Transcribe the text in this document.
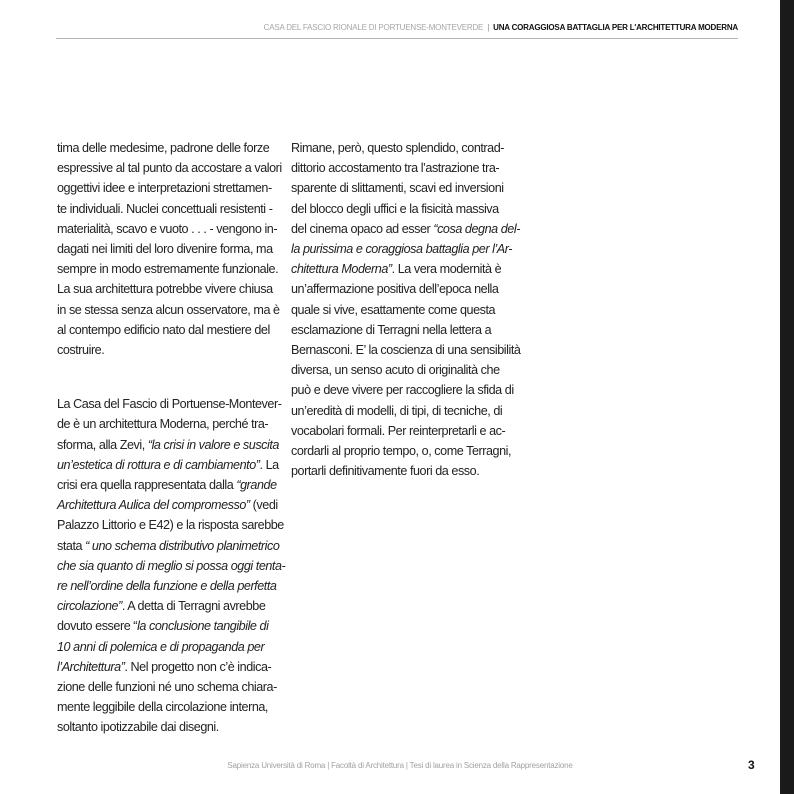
CASA DEL FASCIO RIONALE DI PORTUENSE-MONTEVERDE | UNA CORAGGIOSA BATTAGLIA PER L'ARCHITETTURA MODERNA
tima delle medesime, padrone delle forze
espressive al tal punto da accostare a valori
oggettivi idee e interpretazioni strettamen-
te individuali. Nuclei concettuali resistenti -
materialità, scavo e vuoto . . . - vengono in-
dagati nei limiti del loro divenire forma, ma
sempre in modo estremamente funzionale.
La sua architettura potrebbe vivere chiusa
in se stessa senza alcun osservatore, ma è
al contempo edificio nato dal mestiere del
costruire.
La Casa del Fascio di Portuense-Montever-
de è un architettura Moderna, perché tra-
sforma, alla Zevi, “la crisi in valore e suscita
un’estetica di rottura e di cambiamento”. La
crisi era quella rappresentata dalla “grande
Architettura Aulica del compromesso” (vedi
Palazzo Littorio e E42) e la risposta sarebbe
stata “ uno schema distributivo planimetrico
che sia quanto di meglio si possa oggi tenta-
re nell’ordine della funzione e della perfetta
circolazione”. A detta di Terragni avrebbe
dovuto essere “la conclusione tangibile di
10 anni di polemica e di propaganda per
l’Architettura”. Nel progetto non c’è indica-
zione delle funzioni né uno schema chiara-
mente leggibile della circolazione interna,
soltanto ipotizzabile dai disegni.
Rimane, però, questo splendido, contrad-
dittorio accostamento tra l’astrazione tra-
sparente di slittamenti, scavi ed inversioni
del blocco degli uffici e la fisicità massiva
del cinema opaco ad esser “cosa degna del-
la purissima e coraggiosa battaglia per l’Ar-
chitettura Moderna”. La vera modernità è
un’affermazione positiva dell’epoca nella
quale si vive, esattamente come questa
esclamazione di Terragni nella lettera a
Bernasconi. E’ la coscienza di una sensibilità
diversa, un senso acuto di originalità che
può e deve vivere per raccogliere la sfida di
un’eredità di modelli, di tipi, di tecniche, di
vocabolari formali. Per reinterpretarli e ac-
cordarli al proprio tempo, o, come Terragni,
portarli definitivamente fuori da esso.
Sapienza Università di Roma | Facoltà di Architettura | Tesi di laurea in Scienza della Rappresentazione	3
